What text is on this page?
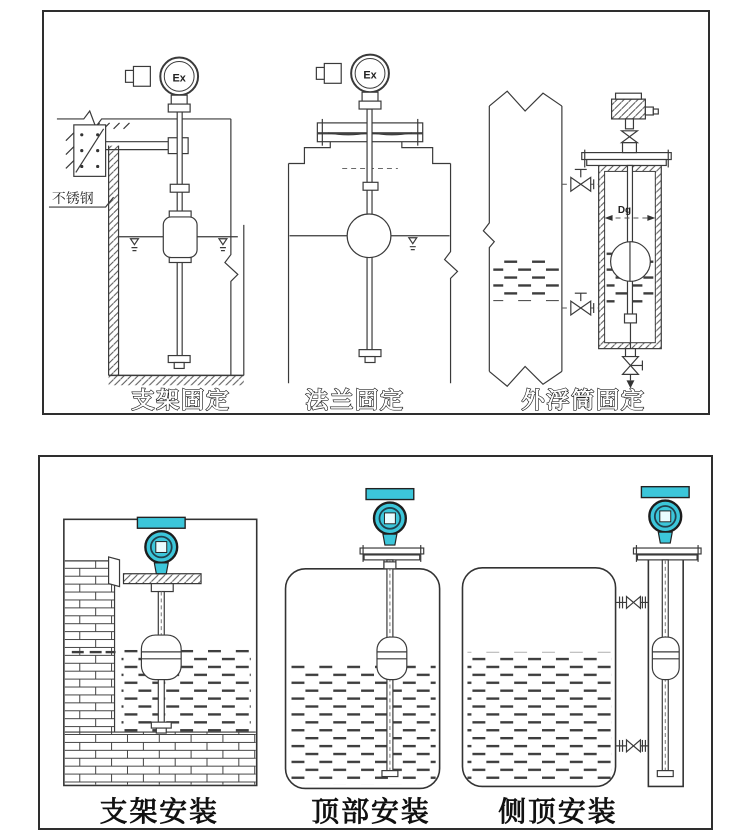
Ex
不锈钢
支架固定
Ex
法兰固定
Dg
外浮筒固定
支架安装	顶部安装 侧顶安装
